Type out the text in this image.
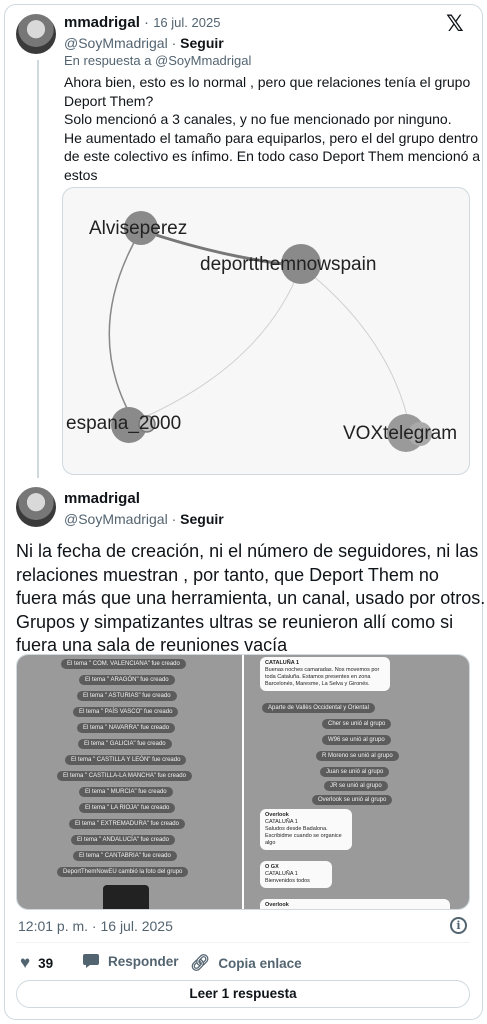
𝕏
mmadrigal · 16 jul. 2025
@SoyMmadrigal · Seguir
En respuesta a @SoyMmadrigal
Ahora bien, esto es lo normal , pero que relaciones tenía el grupo
Deport Them?
Solo mencionó a 3 canales, y no fue mencionado por ninguno.
He aumentado el tamaño para equiparlos, pero el del grupo dentro
de este colectivo es ínfimo. En todo caso Deport Them mencionó a
estos
Alviseperez
deportthemnowspain
espana_2000	VOXtelegram
mmadrigal
@SoyMmadrigal · Seguir
Ni la fecha de creación, ni el número de seguidores, ni las
relaciones muestran , por tanto, que Deport Them no
fuera más que una herramienta, un canal, usado por otros.
Grupos y simpatizantes ultras se reunieron allí como si
fuera una sala de reuniones vacía
El tema " COM. VALENCIANA" fue creado
El tema " ARAGÓN" fue creado
El tema " ASTURIAS" fue creado
El tema " PAÍS VASCO" fue creado
El tema " NAVARRA" fue creado
El tema " GALICIA" fue creado
El tema " CASTILLA Y LEÓN" fue creado
El tema " CASTILLA-LA MANCHA" fue creado
El tema " MURCIA" fue creado
El tema " LA RIOJA" fue creado
El tema " EXTREMADURA" fue creado
El tema " ANDALUCÍA" fue creado
El tema " CANTABRIA" fue creado
DeportThemNowEU cambió la foto del grupo
CATALUÑA 1
Buenas noches camaradas. Nos movemos por toda Cataluña. Estamos presentes en zona Barcelonés, Maresme, La Selva y Gironés.
Aparte de Vallès Occidental y Oriental
Cher se unió al grupo
W96 se unió al grupo
R Moreno se unió al grupo
Juan se unió al grupo
JR se unió al grupo
Overlook se unió al grupo
Overlook
CATALUÑA 1
Saludos desde Badalona. Escribidme cuando se organice algo
O GX
CATALUÑA 1
Bienvenidos todos
Overlook
12:01 p. m. · 16 jul. 2025	i
♥ 39	Responder 🔗︎ Copia enlace
Leer 1 respuesta
